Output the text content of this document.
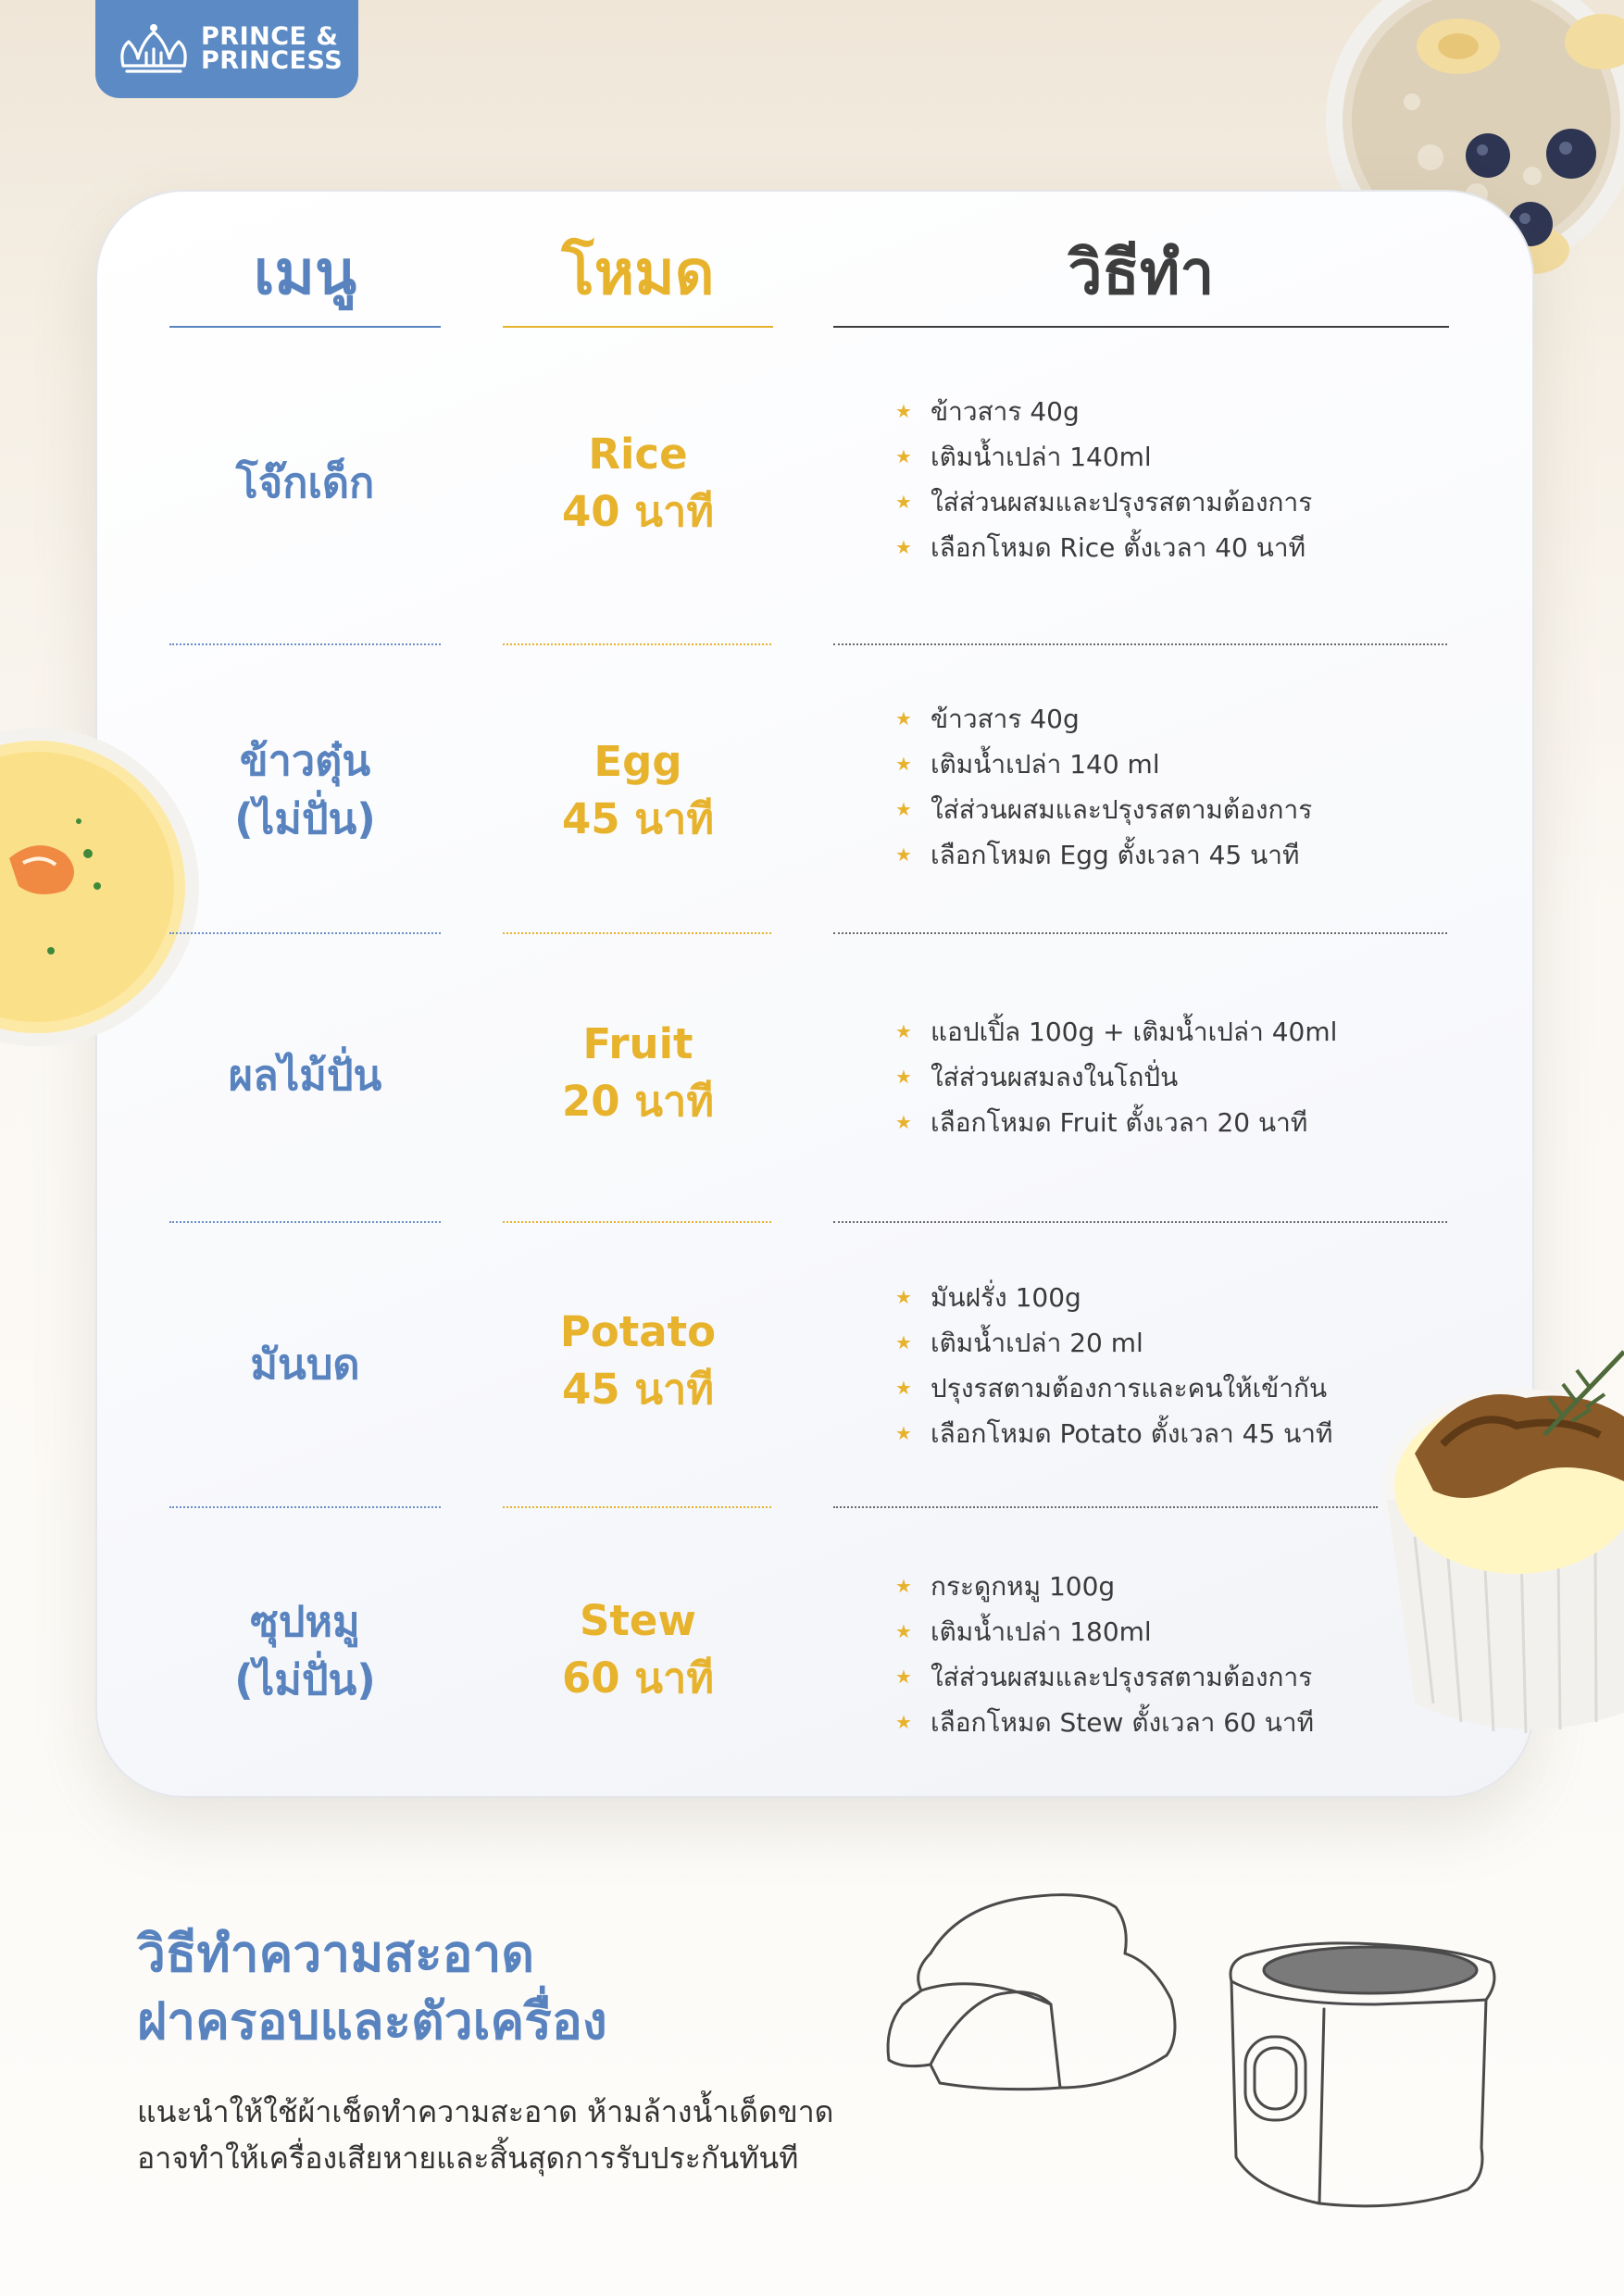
PRINCE &
PRINCESS
เมนู	โหมด	วิธีทำ
โจ๊กเด็ก
Rice
40 นาที
★ ข้าวสาร 40g
★ เติมน้ำเปล่า 140ml
★ ใส่ส่วนผสมและปรุงรสตามต้องการ
★ เลือกโหมด Rice ตั้งเวลา 40 นาที
ข้าวตุ๋น
(ไม่ปั่น)
Egg
45 นาที
★ ข้าวสาร 40g
★ เติมน้ำเปล่า 140 ml
★ ใส่ส่วนผสมและปรุงรสตามต้องการ
★ เลือกโหมด Egg ตั้งเวลา 45 นาที
ผลไม้ปั่น
Fruit
20 นาที
★ แอปเปิ้ล 100g + เติมน้ำเปล่า 40ml
★ ใส่ส่วนผสมลงในโถปั่น
★ เลือกโหมด Fruit ตั้งเวลา 20 นาที
มันบด
Potato
45 นาที
★ มันฝรั่ง 100g
★ เติมน้ำเปล่า 20 ml
★ ปรุงรสตามต้องการและคนให้เข้ากัน
★ เลือกโหมด Potato ตั้งเวลา 45 นาที
ซุปหมู
(ไม่ปั่น)
Stew
60 นาที
★ กระดูกหมู 100g
★ เติมน้ำเปล่า 180ml
★ ใส่ส่วนผสมและปรุงรสตามต้องการ
★ เลือกโหมด Stew ตั้งเวลา 60 นาที
วิธีทำความสะอาด
ฝาครอบและตัวเครื่อง

แนะนำให้ใช้ผ้าเช็ดทำความสะอาด ห้ามล้างน้ำเด็ดขาด
อาจทำให้เครื่องเสียหายและสิ้นสุดการรับประกันทันที
